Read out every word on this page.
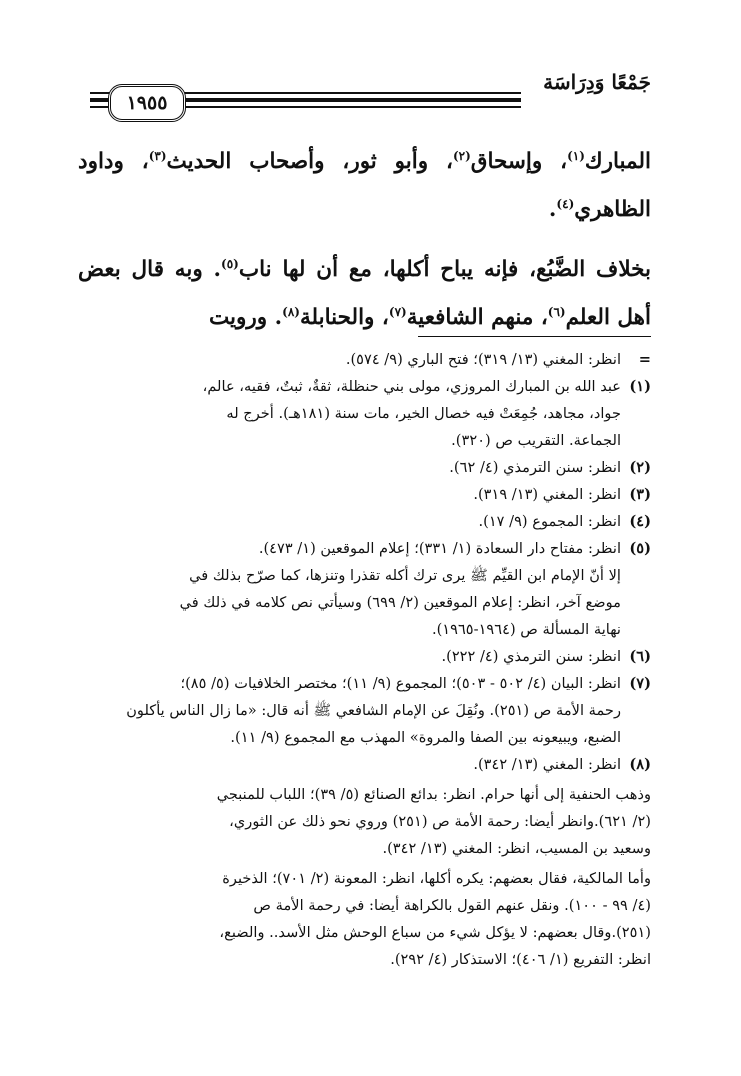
جَمْعًا وَدِرَاسَة
١٩٥٥

المبارك$^{(١)}$، وإسحاق$^{(٢)}$، وأبو ثور، وأصحاب الحديث$^{(٣)}$، وداود الظاهري$^{(٤)}$.

بخلاف الضَّبُع، فإنه يباح أكلها، مع أن لها ناب$^{(٥)}$. وبه قال بعض أهل العلم$^{(٦)}$، منهم الشافعية$^{(٧)}$، والحنابلة$^{(٨)}$. ورويت

=
انظر: المغني (١٣/ ٣١٩)؛ فتح الباري (٩/ ٥٧٤).
(١)
عبد الله بن المبارك المروزي، مولى بني حنظلة، ثقةٌ، ثبتٌ، فقيه، عالم،
جواد، مجاهد، جُمِعَتْ فيه خصال الخير، مات سنة (١٨١هـ). أخرج له
الجماعة. التقريب ص (٣٢٠).
(٢)
انظر: سنن الترمذي (٤/ ٦٢).
(٣)
انظر: المغني (١٣/ ٣١٩).
(٤)
انظر: المجموع (٩/ ١٧).
(٥)
انظر: مفتاح دار السعادة (١/ ٣٣١)؛ إعلام الموقعين (١/ ٤٧٣).
إلا أنّ الإمام ابن القيِّم ﷺ يرى ترك أكله تقذرا وتنزها، كما صرّح بذلك في
موضع آخر، انظر: إعلام الموقعين (٢/ ٦٩٩) وسيأتي نص كلامه في ذلك في
نهاية المسألة ص (١٩٦٤-١٩٦٥).
(٦)
انظر: سنن الترمذي (٤/ ٢٢٢).
(٧)
انظر: البيان (٤/ ٥٠٢ - ٥٠٣)؛ المجموع (٩/ ١١)؛ مختصر الخلافيات (٥/ ٨٥)؛
رحمة الأمة ص (٢٥١). ونُقِلَ عن الإمام الشافعي ﷺ أنه قال: «ما زال الناس يأكلون
الضبع، ويبيعونه بين الصفا والمروة» المهذب مع المجموع (٩/ ١١).
(٨)
انظر: المغني (١٣/ ٣٤٢).
وذهب الحنفية إلى أنها حرام. انظر: بدائع الصنائع (٥/ ٣٩)؛ اللباب للمنبجي
(٢/ ٦٢١).وانظر أيضا: رحمة الأمة ص (٢٥١) وروي نحو ذلك عن الثوري،
وسعيد بن المسيب، انظر: المغني (١٣/ ٣٤٢).
وأما المالكية، فقال بعضهم: يكره أكلها، انظر: المعونة (٢/ ٧٠١)؛ الذخيرة
(٤/ ٩٩ - ١٠٠). ونقل عنهم القول بالكراهة أيضا: في رحمة الأمة ص
(٢٥١).وقال بعضهم: لا يؤكل شيء من سباع الوحش مثل الأسد.. والضبع،
انظر: التفريع (١/ ٤٠٦)؛ الاستذكار (٤/ ٢٩٢).
